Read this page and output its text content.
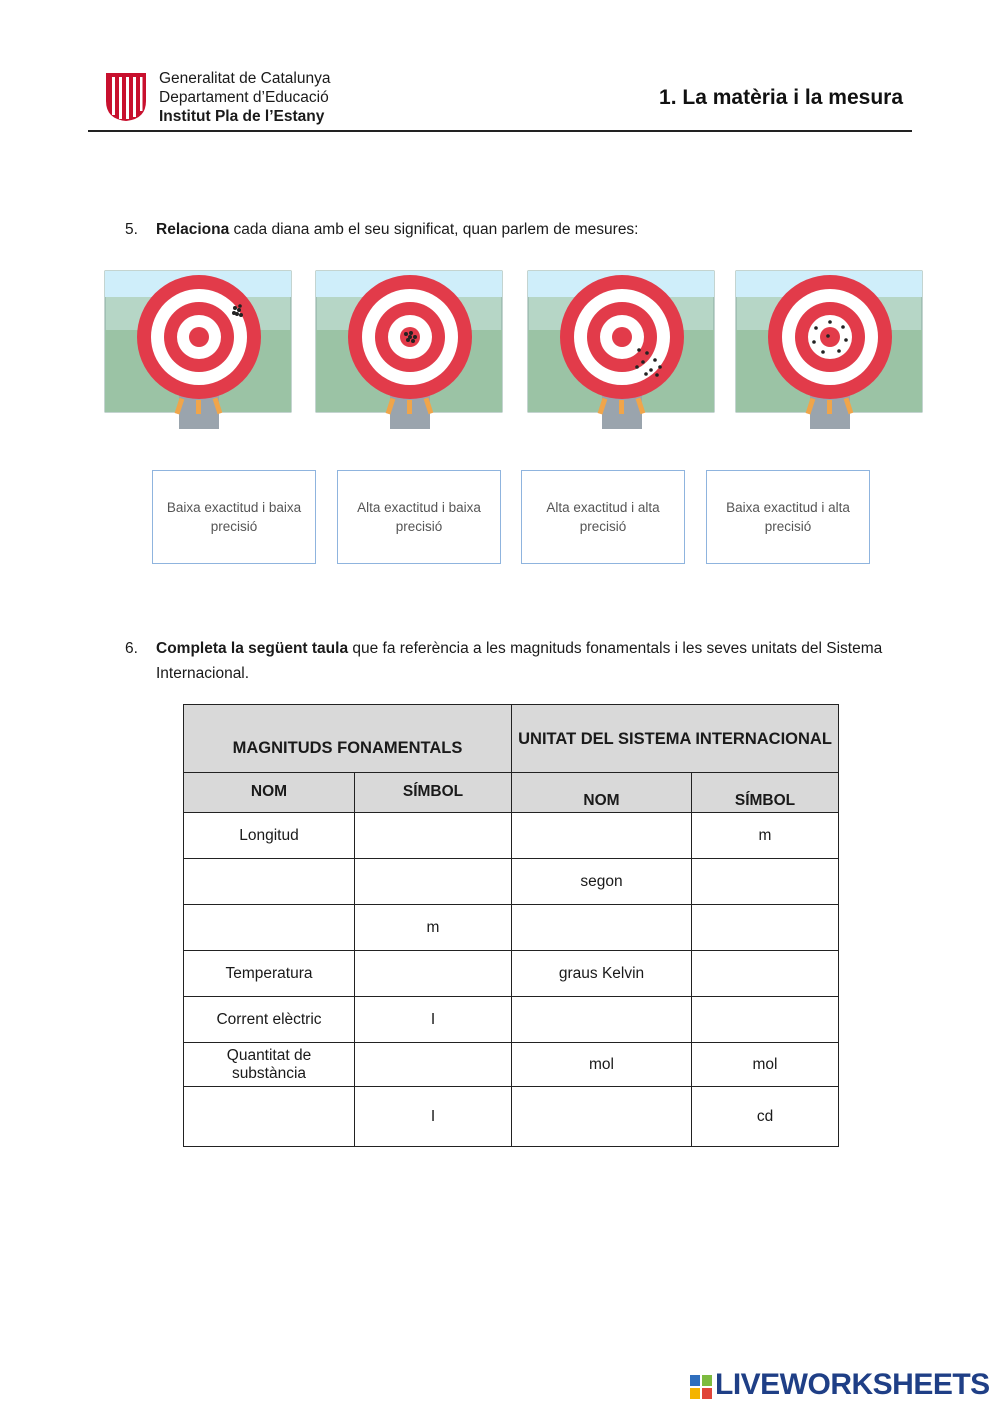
Generalitat de Catalunya
Departament d’Educació
Institut Pla de l’Estany
1. La matèria i la mesura
5. Relaciona cada diana amb el seu significat, quan parlem de mesures:
Baixa exactitud i baixa precisió
Alta exactitud i baixa precisió
Alta exactitud i alta precisió
Baixa exactitud i alta precisió
6. Completa la següent taula que fa referència a les magnituds fonamentals i les seves unitats del Sistema Internacional.
MAGNITUDS FONAMENTALS		UNITAT DEL SISTEMA INTERNACIONAL	
NOM	SÍMBOL	NOM	SÍMBOL
Longitud			m
		segon	
	m		
Temperatura		graus Kelvin	
Corrent elèctric	I		
Quantitat de substància		mol	mol
	I		cd
LIVEWORKSHEETS
